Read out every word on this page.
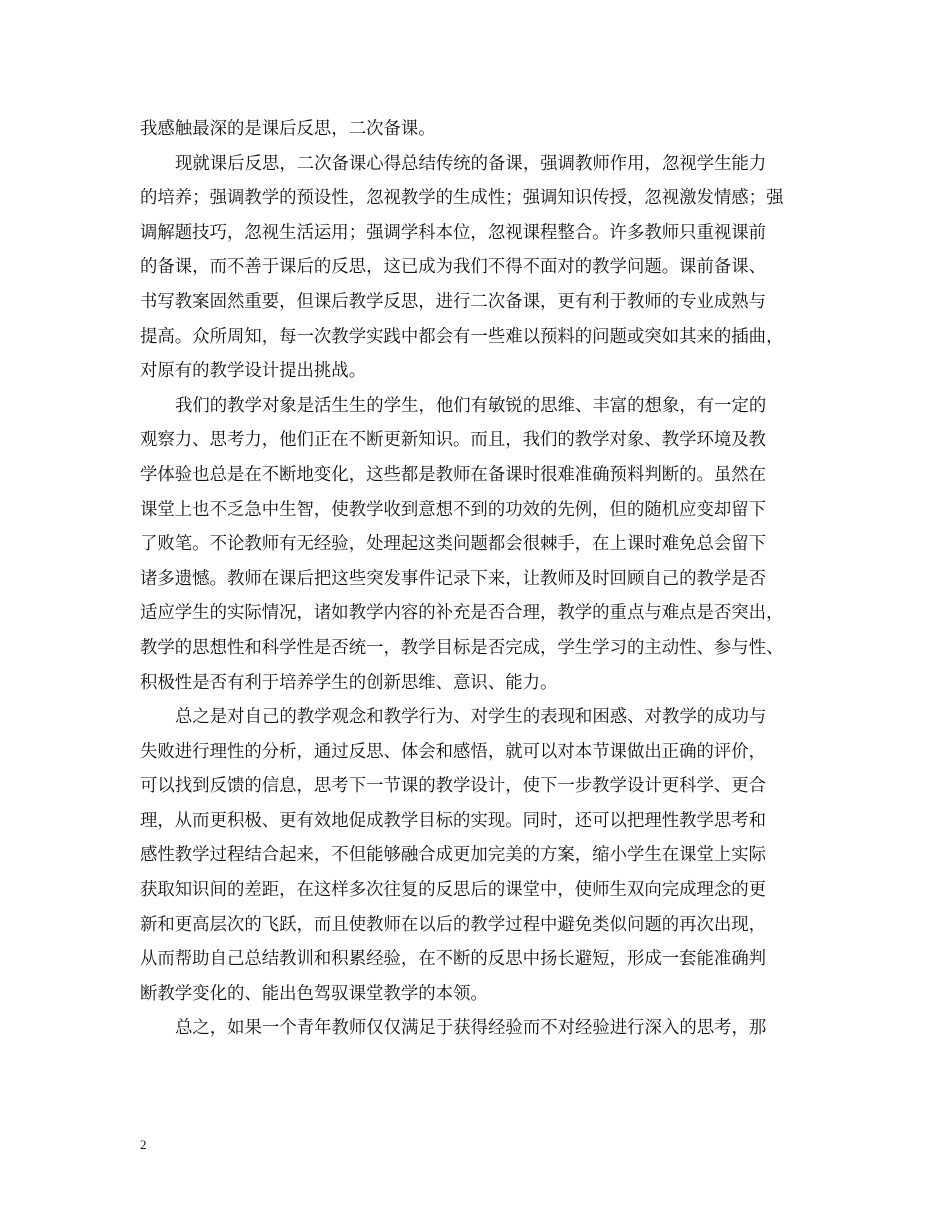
我感触最深的是课后反思，二次备课。
现就课后反思，二次备课心得总结传统的备课，强调教师作用，忽视学生能力
的培养；强调教学的预设性，忽视教学的生成性；强调知识传授，忽视激发情感；强
调解题技巧，忽视生活运用；强调学科本位，忽视课程整合。许多教师只重视课前
的备课，而不善于课后的反思，这已成为我们不得不面对的教学问题。课前备课、
书写教案固然重要，但课后教学反思，进行二次备课，更有利于教师的专业成熟与
提高。众所周知，每一次教学实践中都会有一些难以预料的问题或突如其来的插曲，
对原有的教学设计提出挑战。
我们的教学对象是活生生的学生，他们有敏锐的思维、丰富的想象，有一定的
观察力、思考力，他们正在不断更新知识。而且，我们的教学对象、教学环境及教
学体验也总是在不断地变化，这些都是教师在备课时很难准确预料判断的。虽然在
课堂上也不乏急中生智，使教学收到意想不到的功效的先例，但的随机应变却留下
了败笔。不论教师有无经验，处理起这类问题都会很棘手，在上课时难免总会留下
诸多遗憾。教师在课后把这些突发事件记录下来，让教师及时回顾自己的教学是否
适应学生的实际情况，诸如教学内容的补充是否合理，教学的重点与难点是否突出，
教学的思想性和科学性是否统一，教学目标是否完成，学生学习的主动性、参与性、
积极性是否有利于培养学生的创新思维、意识、能力。
总之是对自己的教学观念和教学行为、对学生的表现和困惑、对教学的成功与
失败进行理性的分析，通过反思、体会和感悟，就可以对本节课做出正确的评价，
可以找到反馈的信息，思考下一节课的教学设计，使下一步教学设计更科学、更合
理，从而更积极、更有效地促成教学目标的实现。同时，还可以把理性教学思考和
感性教学过程结合起来，不但能够融合成更加完美的方案，缩小学生在课堂上实际
获取知识间的差距，在这样多次往复的反思后的课堂中，使师生双向完成理念的更
新和更高层次的飞跃，而且使教师在以后的教学过程中避免类似问题的再次出现，
从而帮助自己总结教训和积累经验，在不断的反思中扬长避短，形成一套能准确判
断教学变化的、能出色驾驭课堂教学的本领。
总之，如果一个青年教师仅仅满足于获得经验而不对经验进行深入的思考，那
2
